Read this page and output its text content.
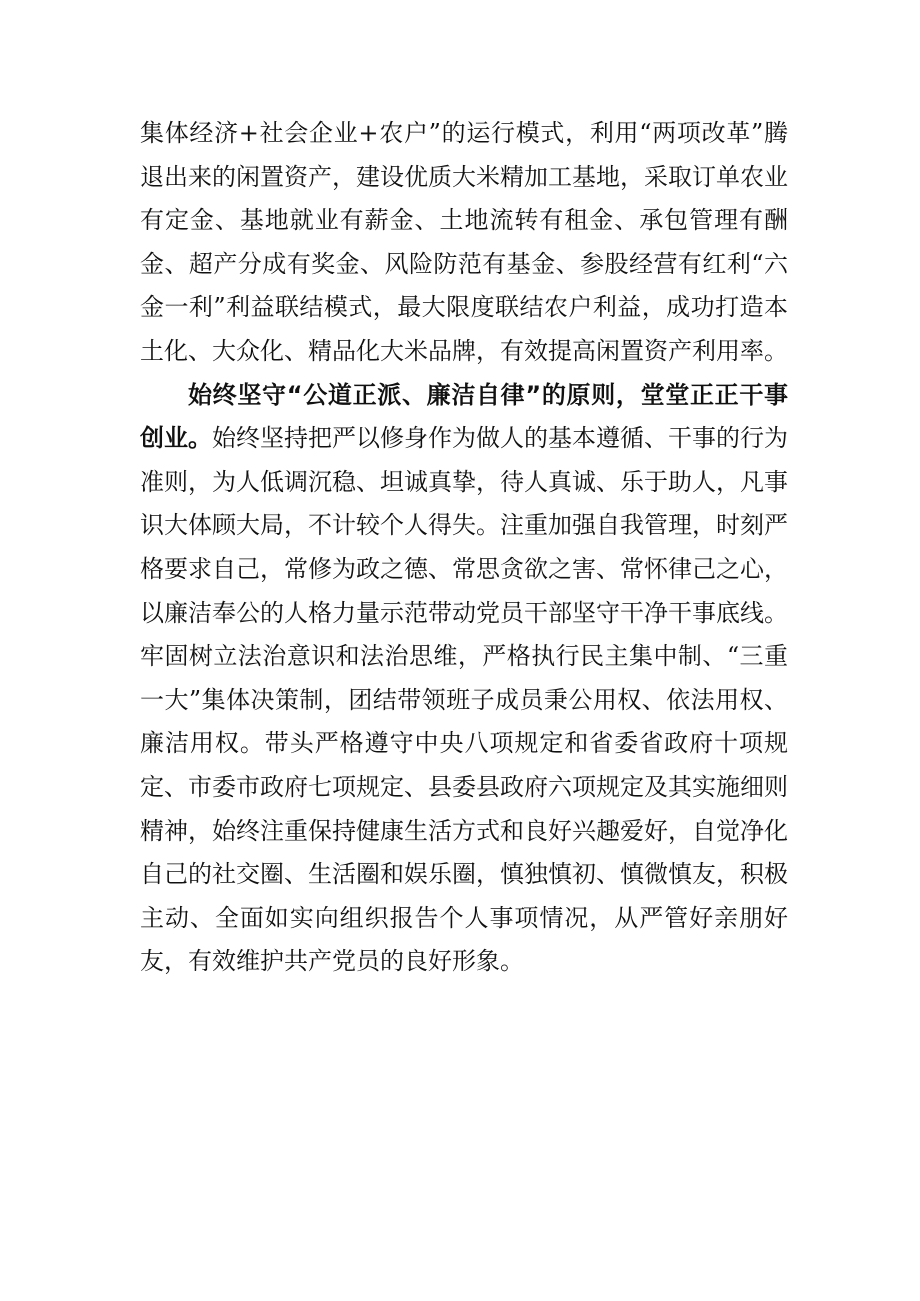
集体经济+社会企业+农户”的运行模式，利用“两项改革”腾退出来的闲置资产，建设优质大米精加工基地，采取订单农业有定金、基地就业有薪金、土地流转有租金、承包管理有酬金、超产分成有奖金、风险防范有基金、参股经营有红利“六金一利”利益联结模式，最大限度联结农户利益，成功打造本土化、大众化、精品化大米品牌，有效提高闲置资产利用率。

始终坚守“公道正派、廉洁自律”的原则，堂堂正正干事创业。始终坚持把严以修身作为做人的基本遵循、干事的行为准则，为人低调沉稳、坦诚真挚，待人真诚、乐于助人，凡事识大体顾大局，不计较个人得失。注重加强自我管理，时刻严格要求自己，常修为政之德、常思贪欲之害、常怀律己之心，以廉洁奉公的人格力量示范带动党员干部坚守干净干事底线。牢固树立法治意识和法治思维，严格执行民主集中制、“三重一大”集体决策制，团结带领班子成员秉公用权、依法用权、廉洁用权。带头严格遵守中央八项规定和省委省政府十项规定、市委市政府七项规定、县委县政府六项规定及其实施细则精神，始终注重保持健康生活方式和良好兴趣爱好，自觉净化自己的社交圈、生活圈和娱乐圈，慎独慎初、慎微慎友，积极主动、全面如实向组织报告个人事项情况，从严管好亲朋好友，有效维护共产党员的良好形象。
